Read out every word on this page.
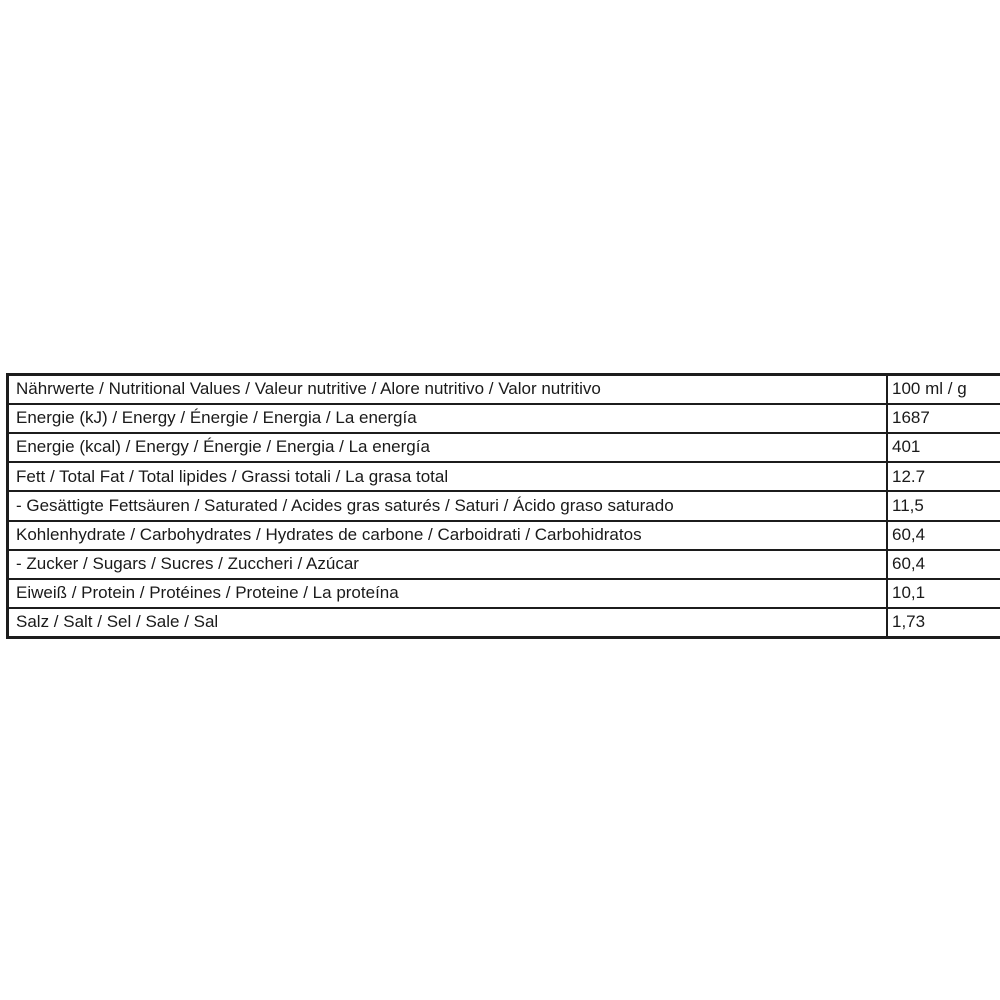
Nährwerte / Nutritional Values / Valeur nutritive / Alore nutritivo / Valor nutritivo	100 ml / g
Energie (kJ) / Energy / Énergie / Energia / La energía	1687
Energie (kcal) / Energy / Énergie / Energia / La energía	401
Fett / Total Fat / Total lipides / Grassi totali / La grasa total	12.7
- Gesättigte Fettsäuren / Saturated / Acides gras saturés / Saturi / Ácido graso saturado	11,5
Kohlenhydrate / Carbohydrates / Hydrates de carbone / Carboidrati / Carbohidratos	60,4
- Zucker / Sugars / Sucres / Zuccheri / Azúcar	60,4
Eiweiß / Protein / Protéines / Proteine / La proteína	10,1
Salz / Salt / Sel / Sale / Sal	1,73
